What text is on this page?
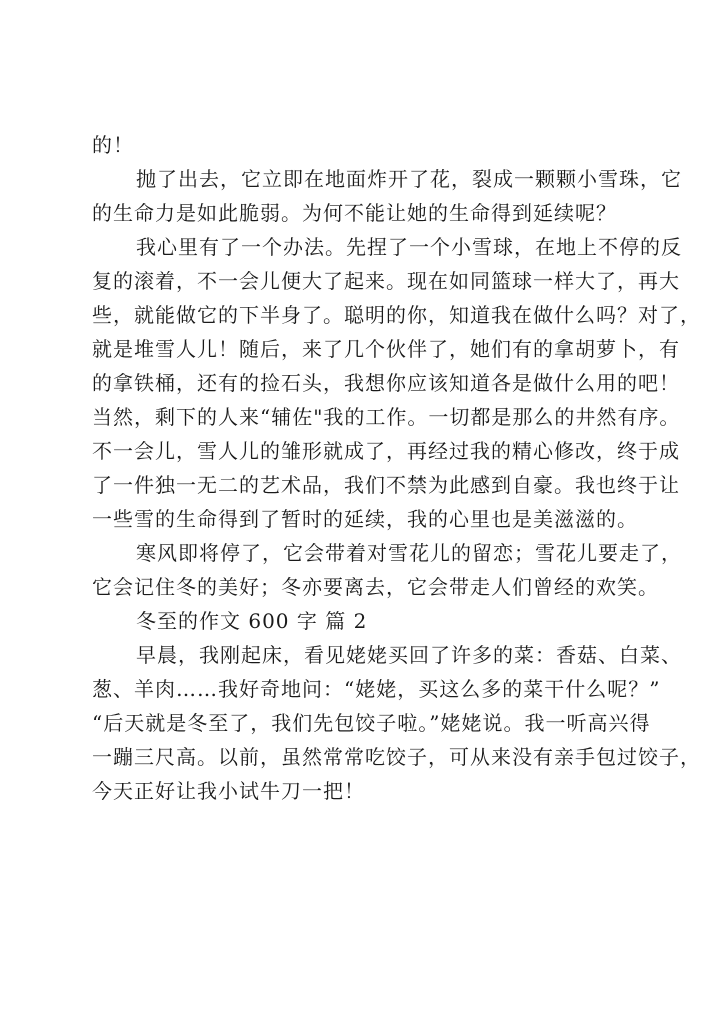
的！
抛了出去，它立即在地面炸开了花，裂成一颗颗小雪珠，它
的生命力是如此脆弱。为何不能让她的生命得到延续呢？
我心里有了一个办法。先捏了一个小雪球，在地上不停的反
复的滚着，不一会儿便大了起来。现在如同篮球一样大了，再大
些，就能做它的下半身了。聪明的你，知道我在做什么吗？对了，
就是堆雪人儿！随后，来了几个伙伴了，她们有的拿胡萝卜，有
的拿铁桶，还有的捡石头，我想你应该知道各是做什么用的吧！
当然，剩下的人来“辅佐"我的工作。一切都是那么的井然有序。
不一会儿，雪人儿的雏形就成了，再经过我的精心修改，终于成
了一件独一无二的艺术品，我们不禁为此感到自豪。我也终于让
一些雪的生命得到了暂时的延续，我的心里也是美滋滋的。
寒风即将停了，它会带着对雪花儿的留恋；雪花儿要走了，
它会记住冬的美好；冬亦要离去，它会带走人们曾经的欢笑。
冬至的作文 600 字 篇 2
早晨，我刚起床，看见姥姥买回了许多的菜：香菇、白菜、
葱、羊肉……我好奇地问：“姥姥，买这么多的菜干什么呢？”
“后天就是冬至了，我们先包饺子啦。”姥姥说。我一听高兴得
一蹦三尺高。以前，虽然常常吃饺子，可从来没有亲手包过饺子，
今天正好让我小试牛刀一把！
